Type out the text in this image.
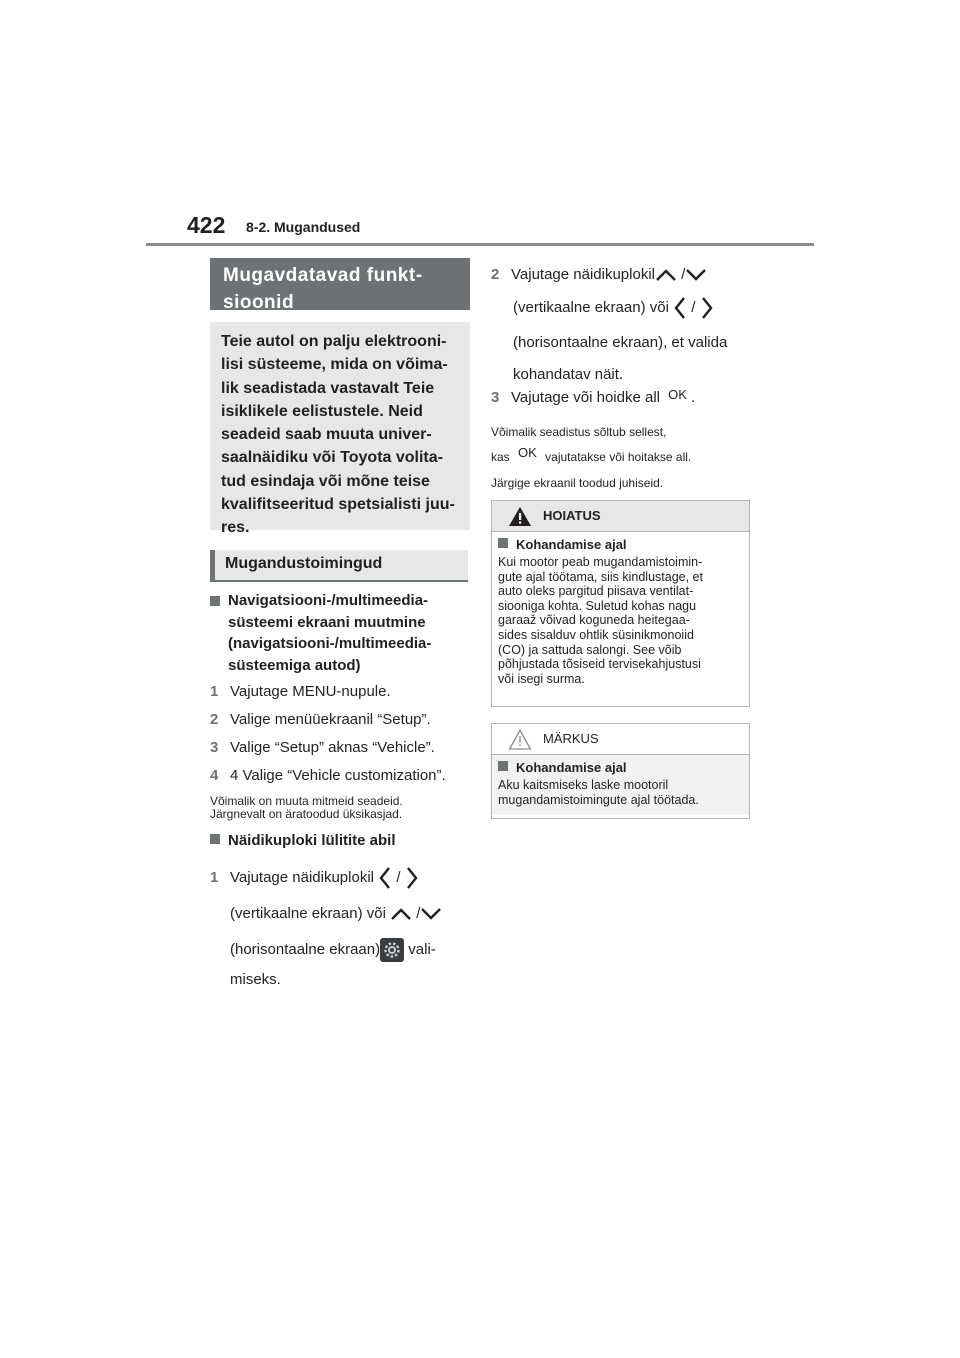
422 8-2. Mugandused
Mugavdatavad funkt-
sioonid
Teie autol on palju elektrooni-
lisi süsteeme, mida on võima-
lik seadistada vastavalt Teie
isiklikele eelistustele. Neid
seadeid saab muuta univer-
saalnäidiku või Toyota volita-
tud esindaja või mõne teise
kvalifitseeritud spetsialisti juu-
res.
Mugandustoimingud
Navigatsiooni-/multimeedia-
süsteemi ekraani muutmine
(navigatsiooni-/multimeedia-
süsteemiga autod)
1 Vajutage MENU-nupule.
2 Valige menüüekraanil “Setup”.
3 Valige “Setup” aknas “Vehicle”.
4 4 Valige “Vehicle customization”.
Võimalik on muuta mitmeid seadeid.
Järgnevalt on äratoodud üksikasjad.
Näidikuploki lülitite abil
1 Vajutage näidikuplokil /
(vertikaalne ekraan) või /
(horisontaalne ekraan) vali-
miseks.
2 Vajutage näidikuplokil /
(vertikaalne ekraan) või /
(horisontaalne ekraan), et valida
kohandatav näit.
3 Vajutage või hoidke all OK .
Võimalik seadistus sõltub sellest,
kas OK vajutatakse või hoitakse all.
Järgige ekraanil toodud juhiseid.
HOIATUS
Kohandamise ajal
Kui mootor peab mugandamistoimin-
gute ajal töötama, siis kindlustage, et
auto oleks pargitud piisava ventilat-
siooniga kohta. Suletud kohas nagu
garaaž võivad koguneda heitegaa-
sides sisalduv ohtlik süsinikmonoiid
(CO) ja sattuda salongi. See võib
põhjustada tõsiseid tervisekahjustusi
või isegi surma.
MÄRKUS
Kohandamise ajal
Aku kaitsmiseks laske mootoril
mugandamistoimingute ajal töötada.
